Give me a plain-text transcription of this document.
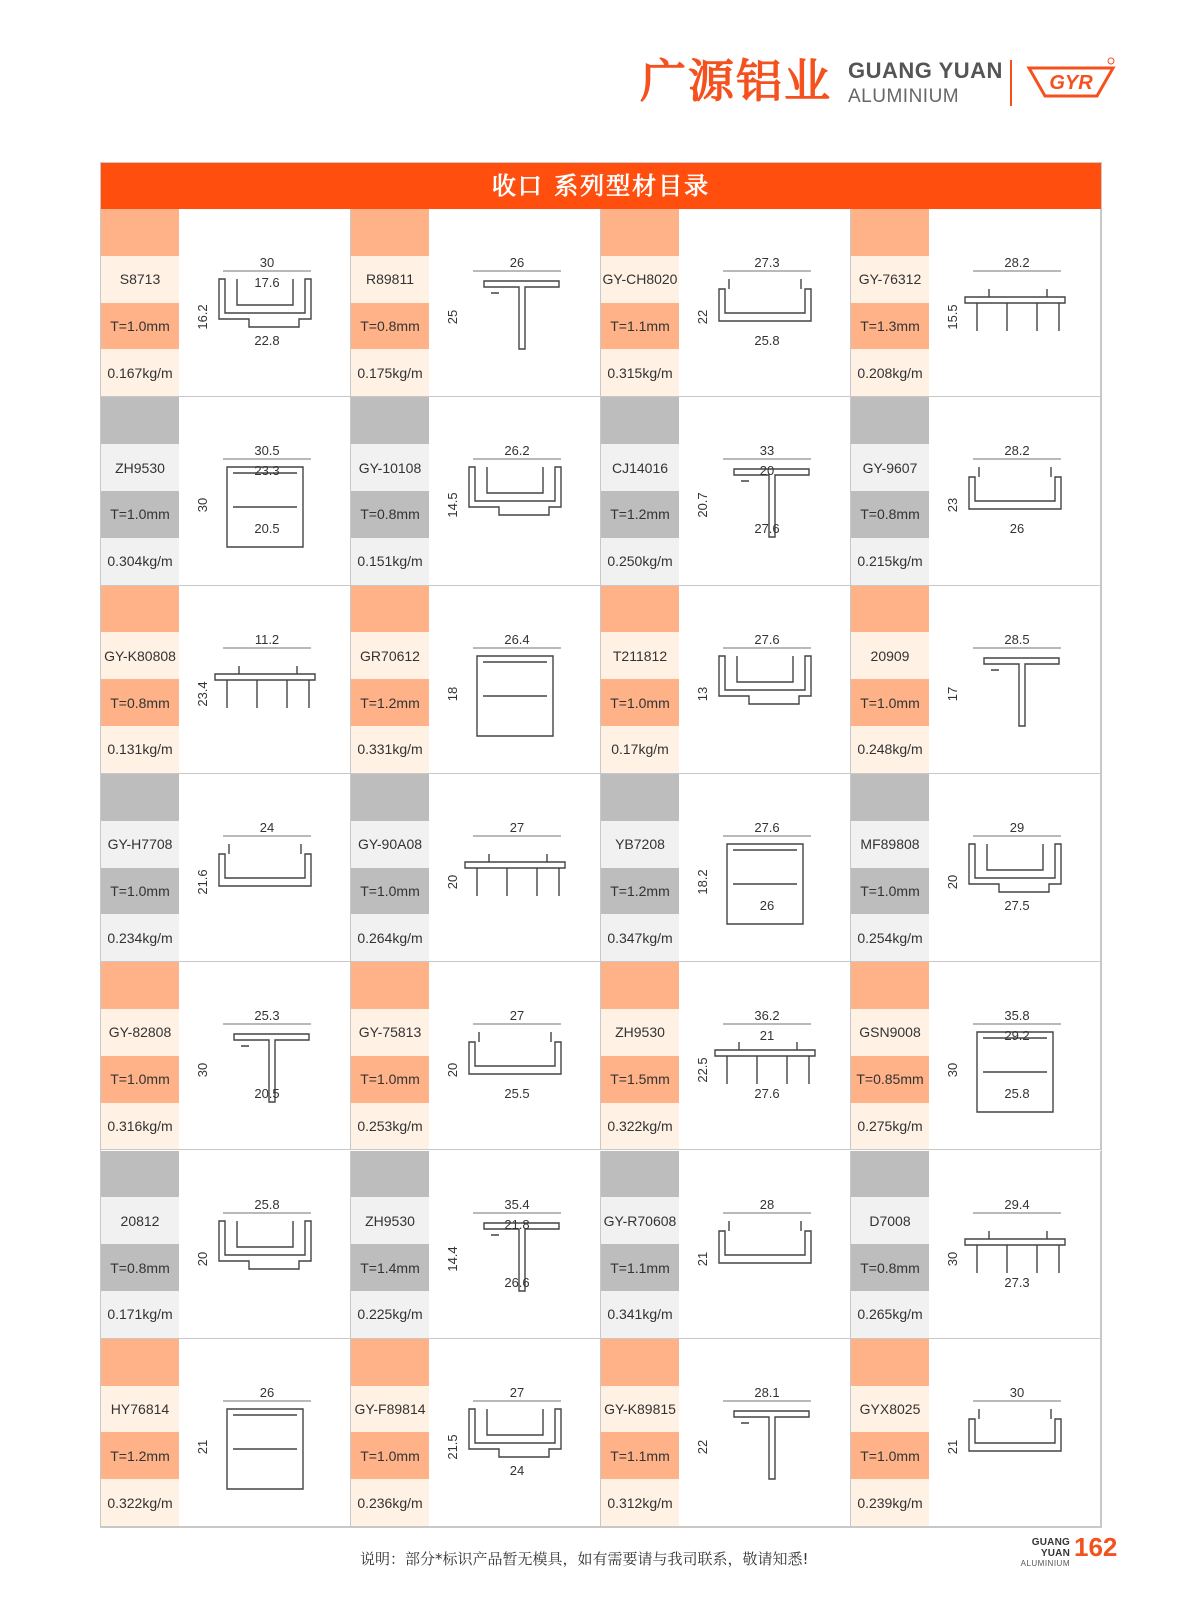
广源铝业 GUANG YUAN
ALUMINIUM
GYR
收口 系列型材目录
S8713
T=1.0mm
0.167kg/m
30
17.6
16.2
22.8
R89811
T=0.8mm
0.175kg/m
26
25
GY-CH8020
T=1.1mm
0.315kg/m
27.3
22
25.8
GY-76312
T=1.3mm
0.208kg/m
28.2
15.5
ZH9530
T=1.0mm
0.304kg/m
30.5
23.3
30
20.5
GY-10108
T=0.8mm
0.151kg/m
26.2
14.5
CJ14016
T=1.2mm
0.250kg/m
33
20
20.7
27.6
GY-9607
T=0.8mm
0.215kg/m
28.2
23
26
GY-K80808
T=0.8mm
0.131kg/m
11.2
23.4
GR70612
T=1.2mm
0.331kg/m
26.4
18
T211812
T=1.0mm
0.17kg/m
27.6
13
20909
T=1.0mm
0.248kg/m
28.5
17
GY-H7708
T=1.0mm
0.234kg/m
24
21.6
GY-90A08
T=1.0mm
0.264kg/m
27
20
YB7208
T=1.2mm
0.347kg/m
27.6
18.2
26
MF89808
T=1.0mm
0.254kg/m
29
20
27.5
GY-82808
T=1.0mm
0.316kg/m
25.3
30
20.5
GY-75813
T=1.0mm
0.253kg/m
27
20
25.5
ZH9530
T=1.5mm
0.322kg/m
36.2
21
22.5
27.6
GSN9008
T=0.85mm
0.275kg/m
35.8
29.2
30
25.8
20812
T=0.8mm
0.171kg/m
25.8
20
ZH9530
T=1.4mm
0.225kg/m
35.4
21.8
14.4
26.6
GY-R70608
T=1.1mm
0.341kg/m
28
21
D7008
T=0.8mm
0.265kg/m
29.4
30
27.3
HY76814
T=1.2mm
0.322kg/m
26
21
GY-F89814
T=1.0mm
0.236kg/m
27
21.5
24
GY-K89815
T=1.1mm
0.312kg/m
28.1
22
GYX8025
T=1.0mm
0.239kg/m
30
21
说明：部分*标识产品暂无模具，如有需要请与我司联系，敬请知悉!
GUANG YUAN
ALUMINIUM
162
